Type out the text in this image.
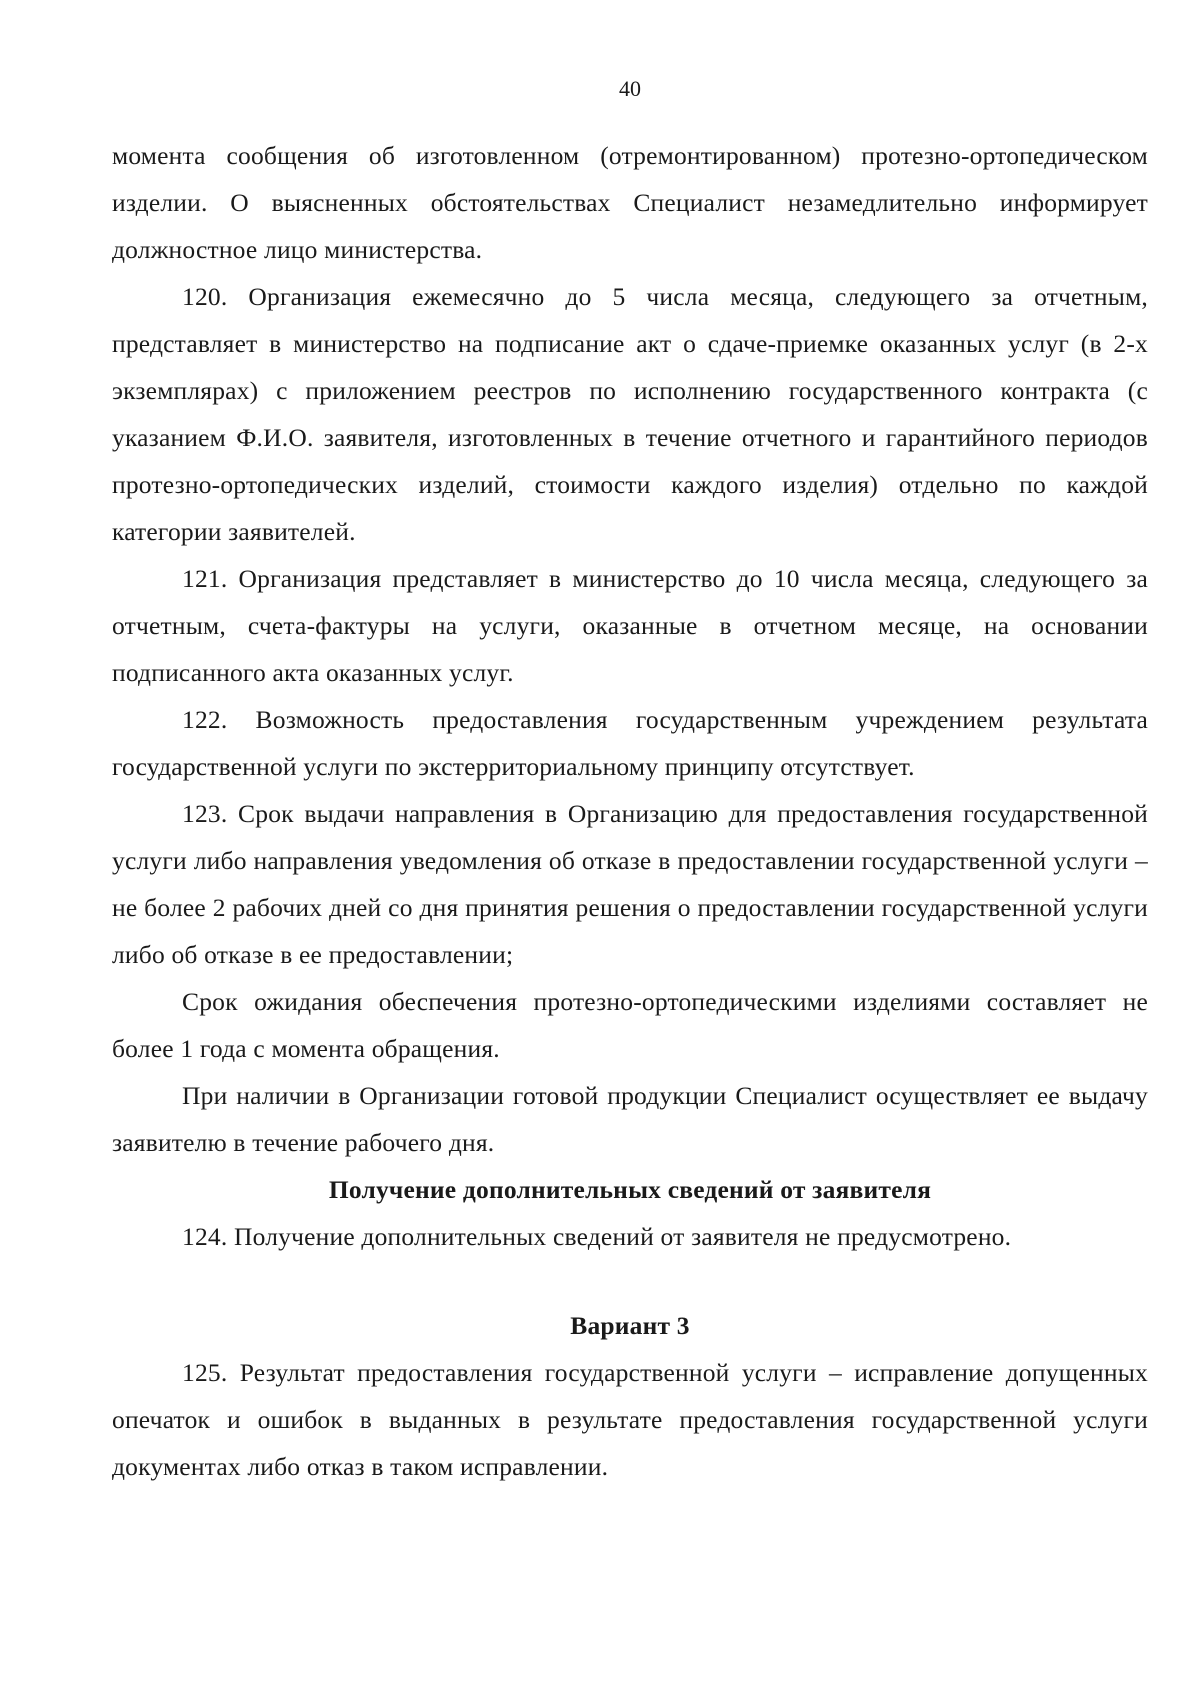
40

момента сообщения об изготовленном (отремонтированном) протезно-ортопедическом изделии. О выясненных обстоятельствах Специалист незамедлительно информирует должностное лицо министерства.

120. Организация ежемесячно до 5 числа месяца, следующего за отчетным, представляет в министерство на подписание акт о сдаче-приемке оказанных услуг (в 2-х экземплярах) с приложением реестров по исполнению государственного контракта (с указанием Ф.И.О. заявителя, изготовленных в течение отчетного и гарантийного периодов протезно-ортопедических изделий, стоимости каждого изделия) отдельно по каждой категории заявителей.

121. Организация представляет в министерство до 10 числа месяца, следующего за отчетным, счета-фактуры на услуги, оказанные в отчетном месяце, на основании подписанного акта оказанных услуг.

122. Возможность предоставления государственным учреждением результата государственной услуги по экстерриториальному принципу отсутствует.

123. Срок выдачи направления в Организацию для предоставления государственной услуги либо направления уведомления об отказе в предоставлении государственной услуги – не более 2 рабочих дней со дня принятия решения о предоставлении государственной услуги либо об отказе в ее предоставлении;

Срок ожидания обеспечения протезно-ортопедическими изделиями составляет не более 1 года с момента обращения.

При наличии в Организации готовой продукции Специалист осуществляет ее выдачу заявителю в течение рабочего дня.

Получение дополнительных сведений от заявителя

124. Получение дополнительных сведений от заявителя не предусмотрено.

Вариант 3

125. Результат предоставления государственной услуги – исправление допущенных опечаток и ошибок в выданных в результате предоставления государственной услуги документах либо отказ в таком исправлении.
